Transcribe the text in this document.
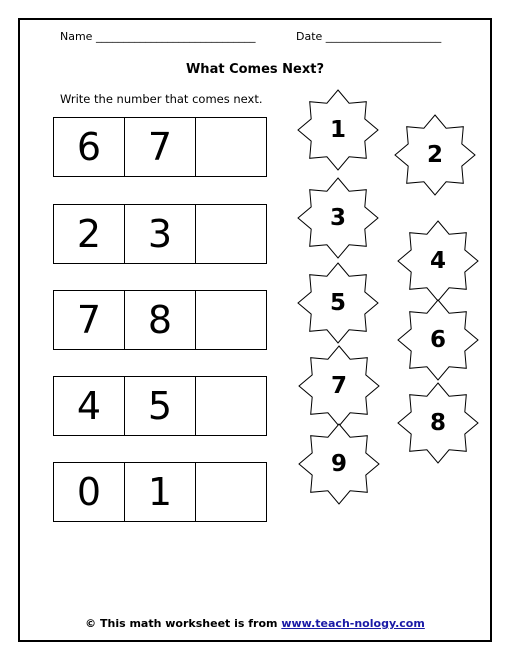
Name _____________________________	Date _____________________
What Comes Next?
Write the number that comes next.
6	7
2	3
7	8
4	5
0	1
1
2
3
4
5
6
7
8
9
© This math worksheet is from www.teach-nology.com
